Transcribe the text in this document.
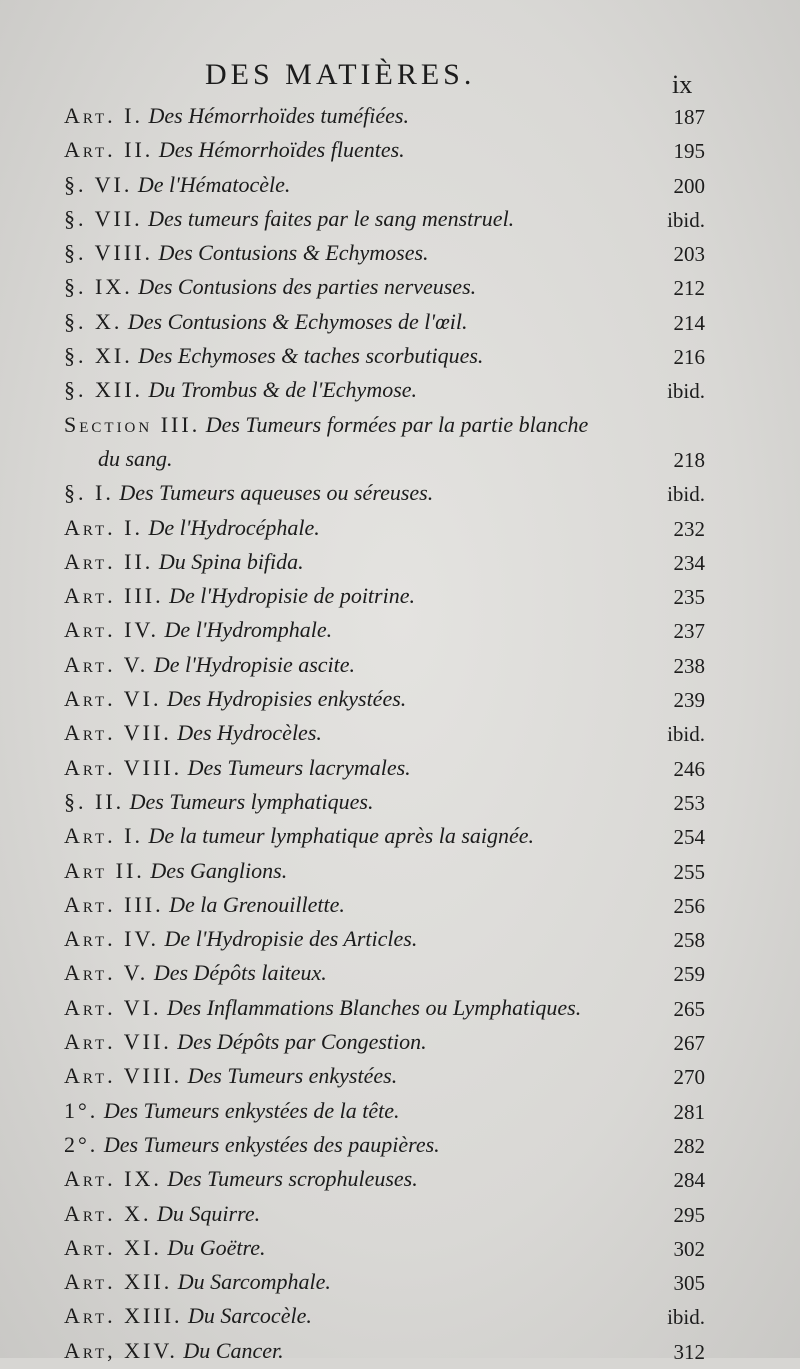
DES MATIÈRES.	ix
Art. I. Des Hémorrhoïdes tuméfiées.	187
Art. II. Des Hémorrhoïdes fluentes.	195
§. VI. De l'Hématocèle.	200
§. VII. Des tumeurs faites par le sang menstruel.	ibid.
§. VIII. Des Contusions & Echymoses.	203
§. IX. Des Contusions des parties nerveuses.	212
§. X. Des Contusions & Echymoses de l'œil.	214
§. XI. Des Echymoses & taches scorbutiques.	216
§. XII. Du Trombus & de l'Echymose.	ibid.
Section III. Des Tumeurs formées par la partie blanche
du sang.	218
§. I. Des Tumeurs aqueuses ou séreuses.	ibid.
Art. I. De l'Hydrocéphale.	232
Art. II. Du Spina bifida.	234
Art. III. De l'Hydropisie de poitrine.	235
Art. IV. De l'Hydromphale.	237
Art. V. De l'Hydropisie ascite.	238
Art. VI. Des Hydropisies enkystées.	239
Art. VII. Des Hydrocèles.	ibid.
Art. VIII. Des Tumeurs lacrymales.	246
§. II. Des Tumeurs lymphatiques.	253
Art. I. De la tumeur lymphatique après la saignée.	254
Art II. Des Ganglions.	255
Art. III. De la Grenouillette.	256
Art. IV. De l'Hydropisie des Articles.	258
Art. V. Des Dépôts laiteux.	259
Art. VI. Des Inflammations Blanches ou Lymphatiques.	265
Art. VII. Des Dépôts par Congestion.	267
Art. VIII. Des Tumeurs enkystées.	270
1°. Des Tumeurs enkystées de la tête.	281
2°. Des Tumeurs enkystées des paupières.	282
Art. IX. Des Tumeurs scrophuleuses.	284
Art. X. Du Squirre.	295
Art. XI. Du Goëtre.	302
Art. XII. Du Sarcomphale.	305
Art. XIII. Du Sarcocèle.	ibid.
Art, XIV. Du Cancer.	312
